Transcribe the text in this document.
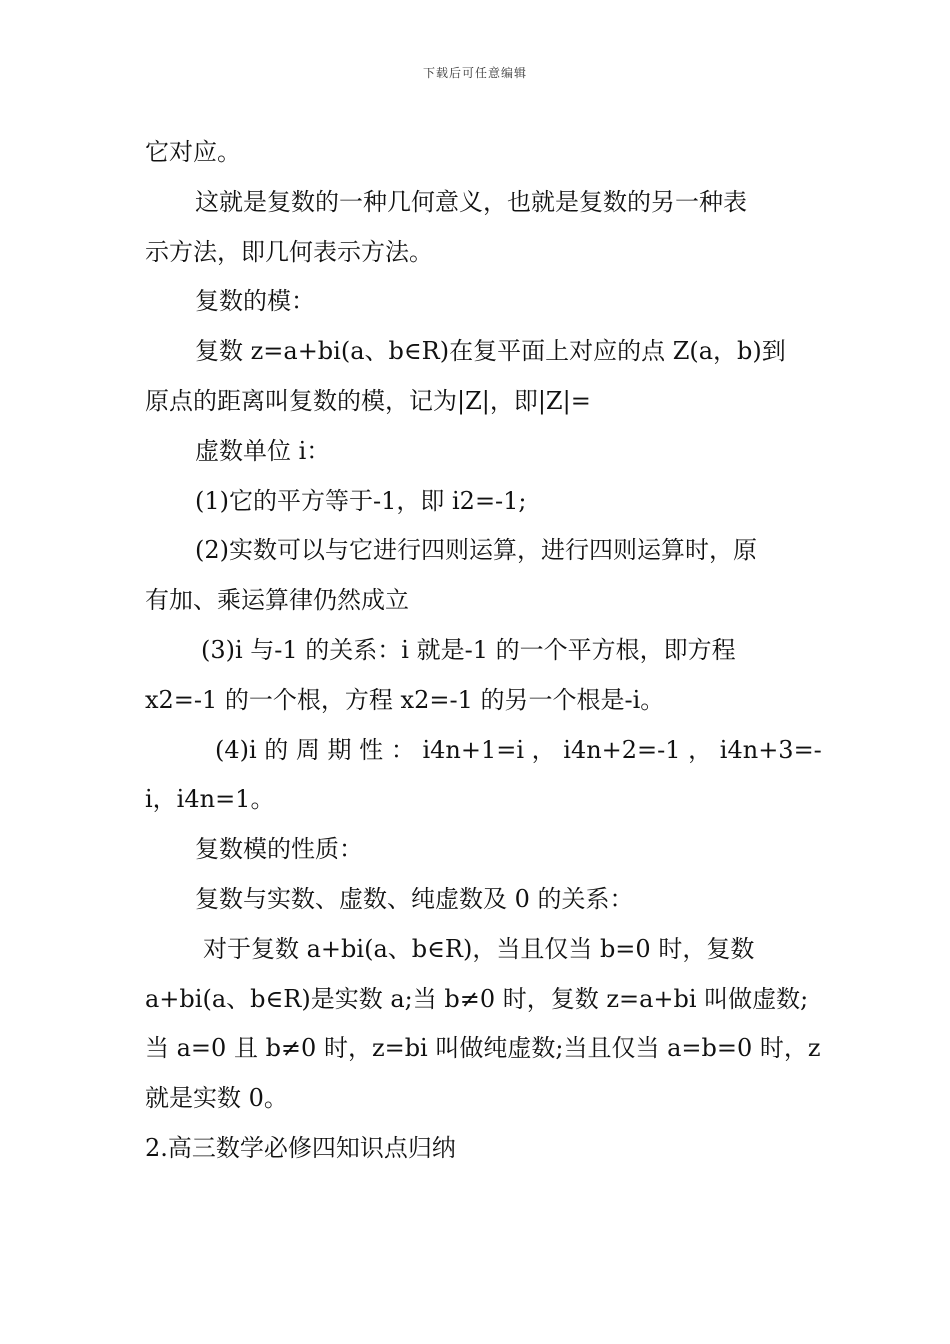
下载后可任意编辑
它对应。
这就是复数的一种几何意义，也就是复数的另一种表
示方法，即几何表示方法。
复数的模：
复数 z=a+bi(a、b∈R)在复平面上对应的点 Z(a，b)到
原点的距离叫复数的模，记为|Z|，即|Z|=
虚数单位 i：
(1)它的平方等于-1，即 i2=-1;
(2)实数可以与它进行四则运算，进行四则运算时，原
有加、乘运算律仍然成立
(3)i 与-1 的关系：i 就是-1 的一个平方根，即方程
x2=-1 的一个根，方程 x2=-1 的另一个根是-i。
(4)i 的 周 期 性 ： i4n+1=i ， i4n+2=-1 ， i4n+3=-
i，i4n=1。
复数模的性质：
复数与实数、虚数、纯虚数及 0 的关系：
对于复数 a+bi(a、b∈R)，当且仅当 b=0 时，复数
a+bi(a、b∈R)是实数 a;当 b≠0 时，复数 z=a+bi 叫做虚数;
当 a=0 且 b≠0 时，z=bi 叫做纯虚数;当且仅当 a=b=0 时，z
就是实数 0。
2.高三数学必修四知识点归纳
